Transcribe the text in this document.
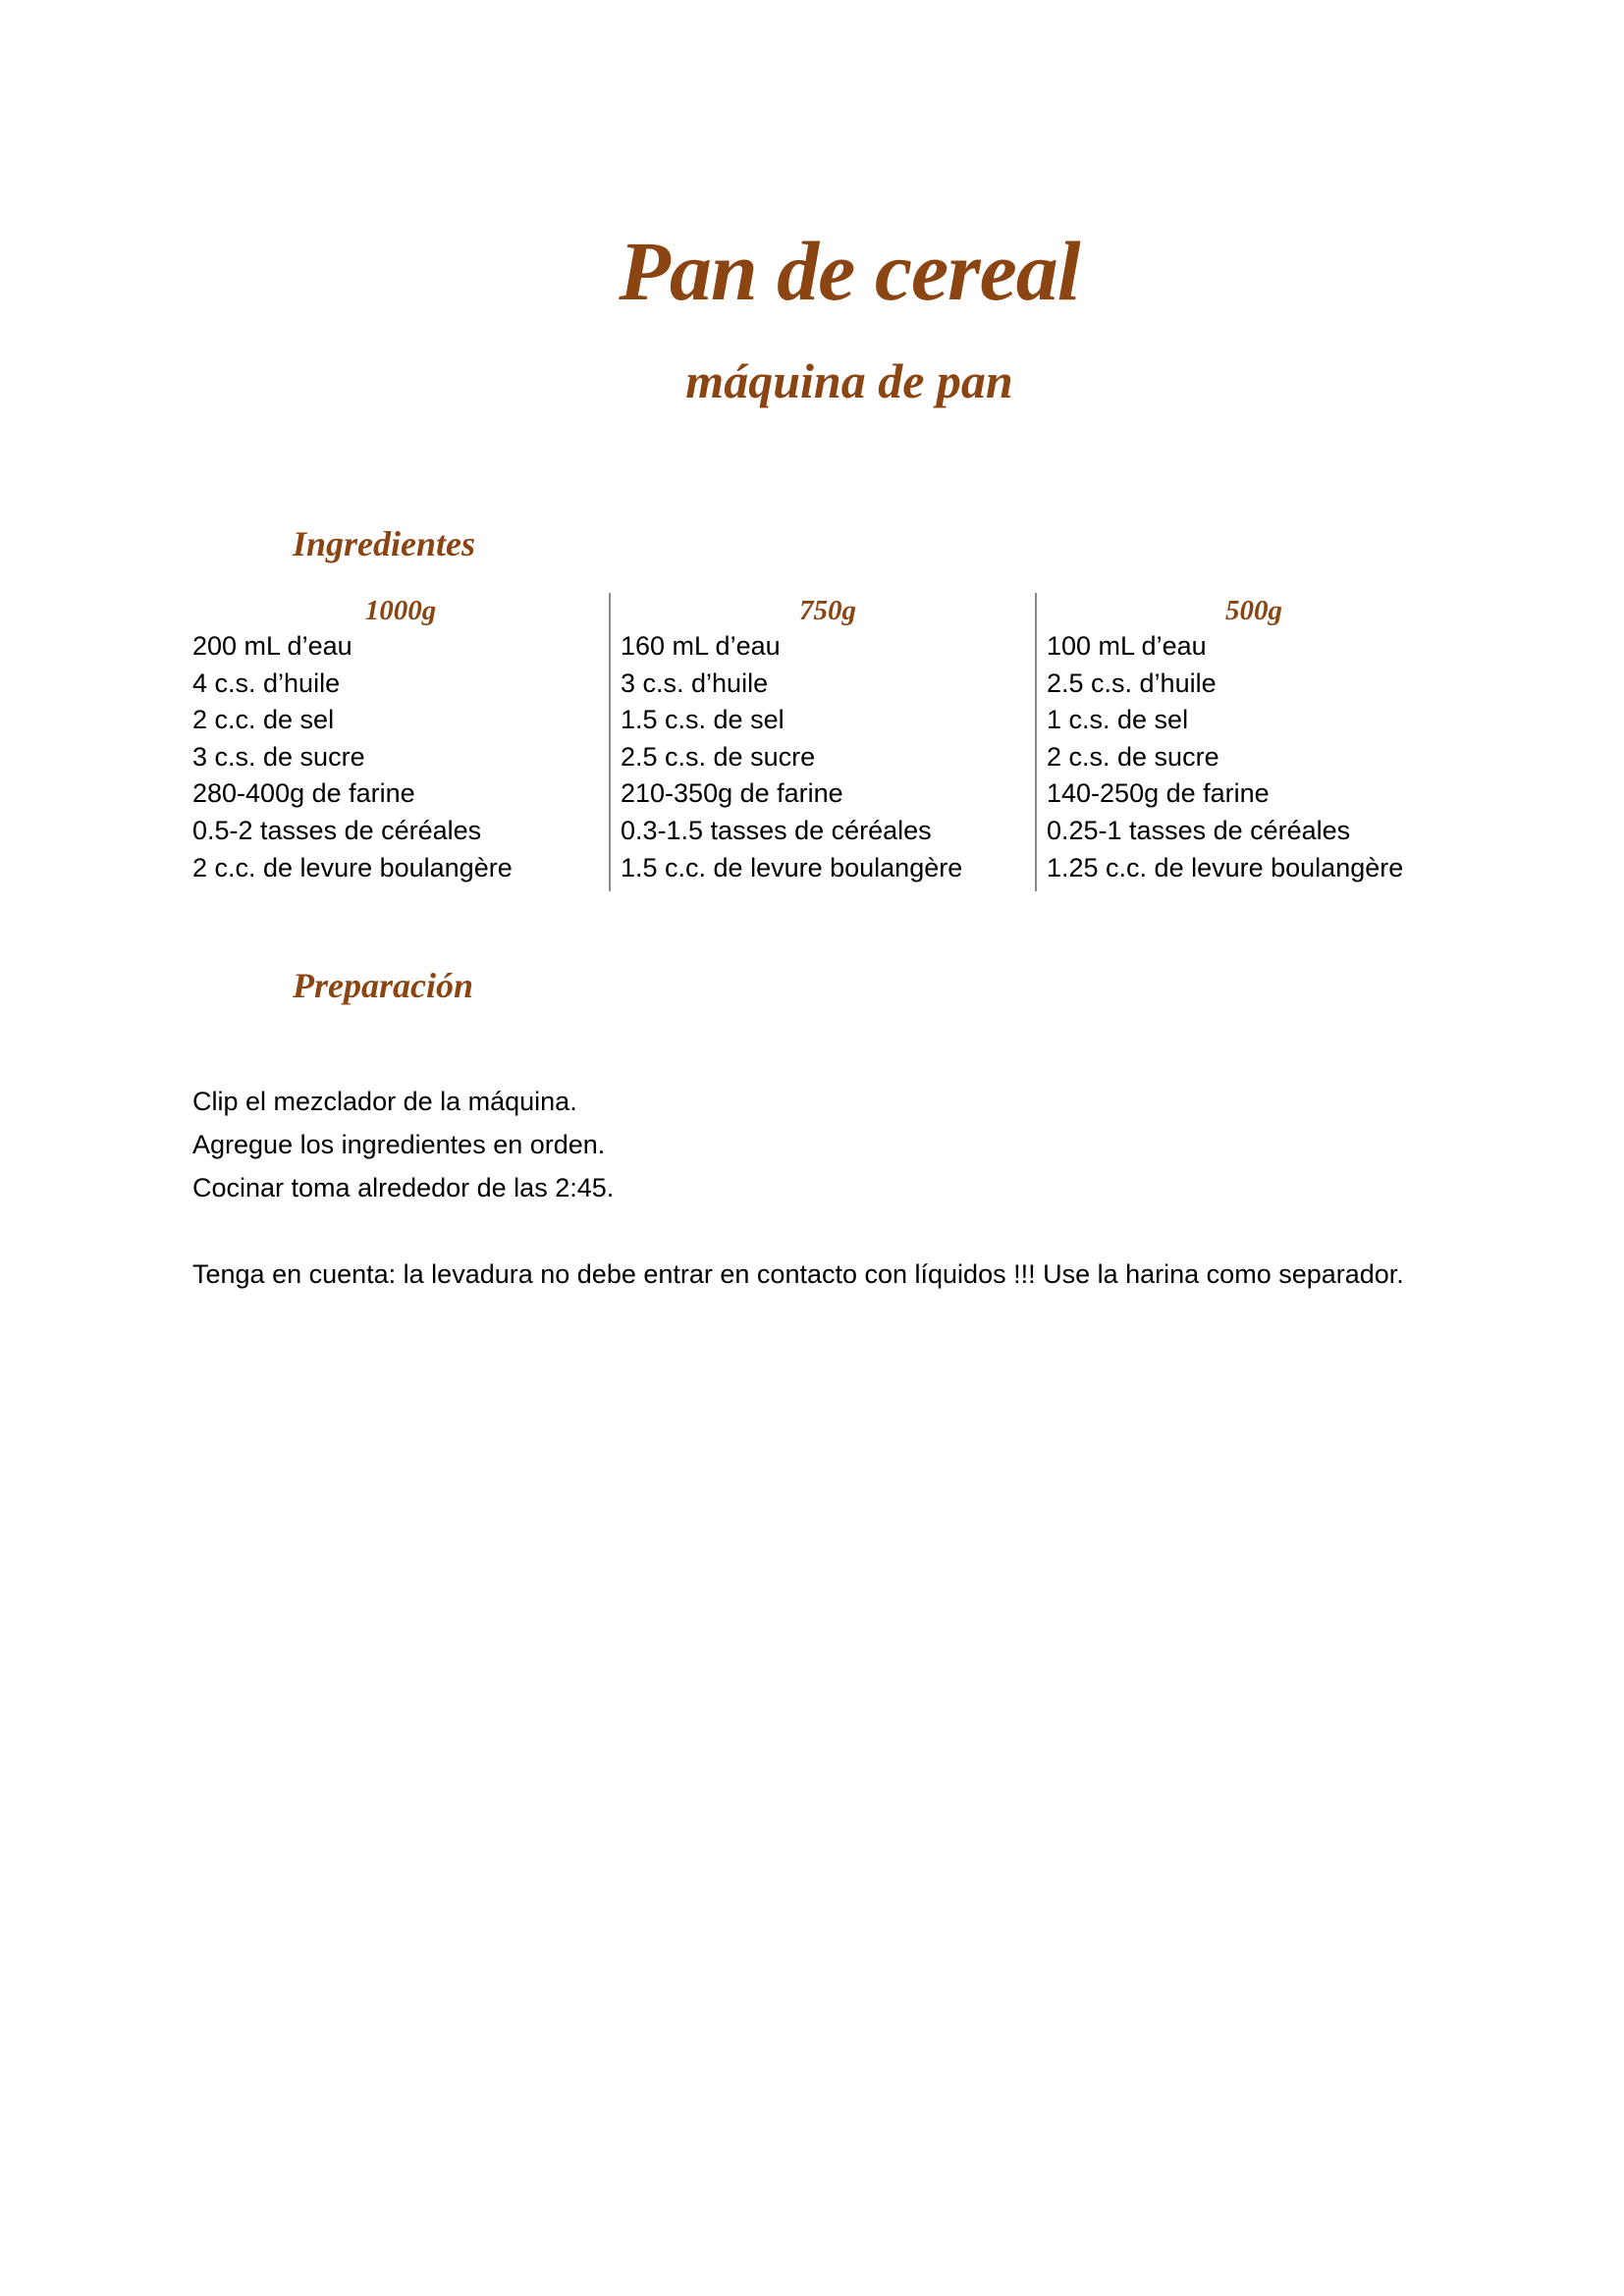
Pan de cereal
máquina de pan
Ingredientes
1000g
200 mL d’eau
4 c.s. d’huile
2 c.c. de sel
3 c.s. de sucre
280-400g de farine
0.5-2 tasses de céréales
2 c.c. de levure boulangère
750g
160 mL d’eau
3 c.s. d’huile
1.5 c.s. de sel
2.5 c.s. de sucre
210-350g de farine
0.3-1.5 tasses de céréales
1.5 c.c. de levure boulangère
500g
100 mL d’eau
2.5 c.s. d’huile
1 c.s. de sel
2 c.s. de sucre
140-250g de farine
0.25-1 tasses de céréales
1.25 c.c. de levure boulangère
Preparación

Clip el mezclador de la máquina.

Agregue los ingredientes en orden.

Cocinar toma alrededor de las 2:45.

Tenga en cuenta: la levadura no debe entrar en contacto con líquidos !!! Use la harina como separador.
